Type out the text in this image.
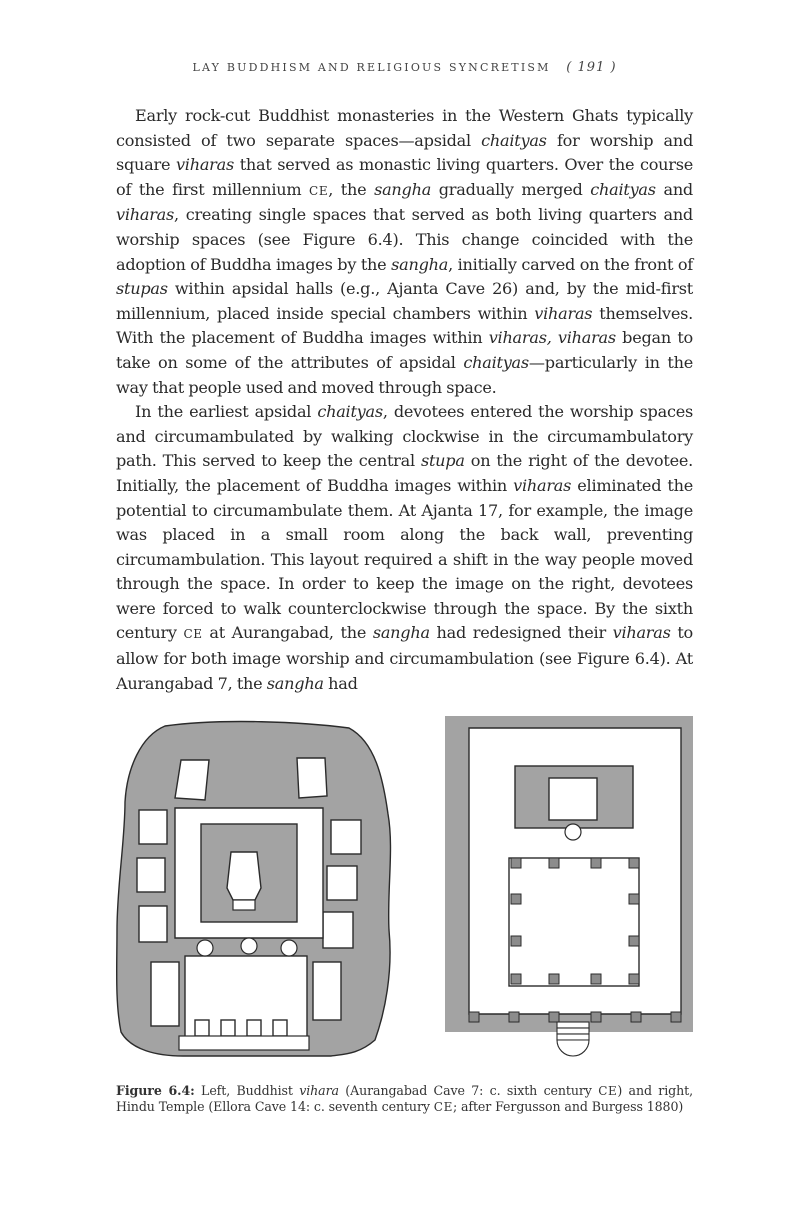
LAY BUDDHISM AND RELIGIOUS SYNCRETISM ( 191 )

Early rock-cut Buddhist monasteries in the Western Ghats typically consisted of two separate spaces—apsidal chaityas for worship and square viharas that served as monastic living quarters. Over the course of the first millennium CE, the sangha gradually merged chaityas and viharas, creating single spaces that served as both living quarters and worship spaces (see Figure 6.4). This change coincided with the adoption of Buddha images by the sangha, initially carved on the front of stupas within apsidal halls (e.g., Ajanta Cave 26) and, by the mid-first millennium, placed inside special chambers within viharas themselves. With the placement of Buddha images within viharas, viharas began to take on some of the attributes of apsidal chaityas—particularly in the way that people used and moved through space.

In the earliest apsidal chaityas, devotees entered the worship spaces and circumambulated by walking clockwise in the circumambulatory path. This served to keep the central stupa on the right of the devotee. Initially, the placement of Buddha images within viharas eliminated the potential to circumambulate them. At Ajanta 17, for example, the image was placed in a small room along the back wall, preventing circumambulation. This layout required a shift in the way people moved through the space. In order to keep the image on the right, devotees were forced to walk counterclockwise through the space. By the sixth century CE at Aurangabad, the sangha had redesigned their viharas to allow for both image worship and circumambulation (see Figure 6.4). At Aurangabad 7, the sangha had

Figure 6.4: Left, Buddhist vihara (Aurangabad Cave 7: c. sixth century CE) and right, Hindu Temple (Ellora Cave 14: c. seventh century CE; after Fergusson and Burgess 1880)
